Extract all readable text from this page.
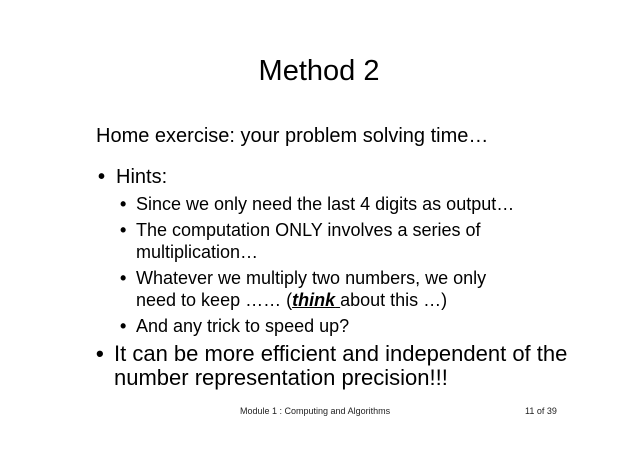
Method 2
Home exercise: your problem solving time…
• Hints:
• Since we only need the last 4 digits as output…
• The computation ONLY involves a series of
multiplication…
• Whatever we multiply two numbers, we only
need to keep …… (think about this …)
• And any trick to speed up?
• It can be more efficient and independent of the
number representation precision!!!
Module 1 : Computing and Algorithms	11 of 39
